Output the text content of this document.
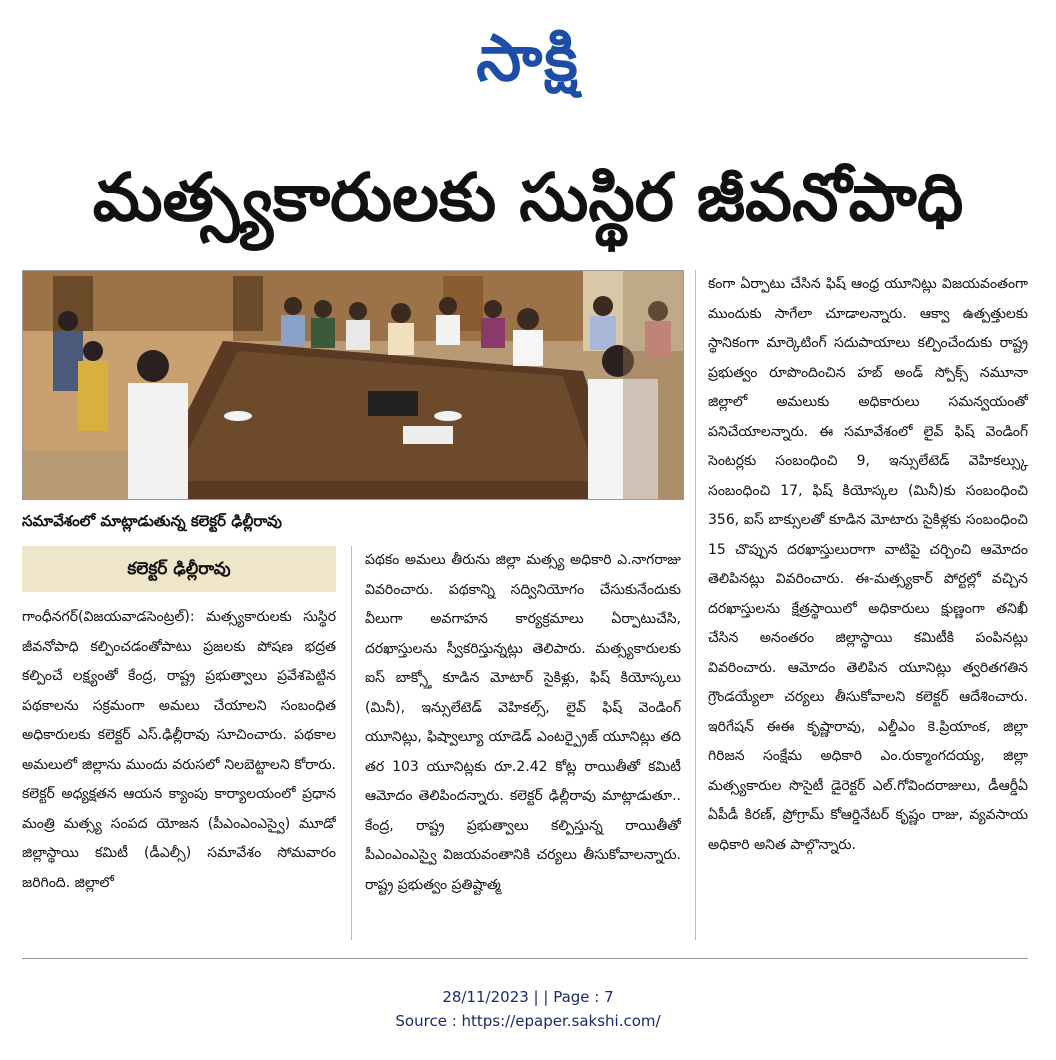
సాక్షి
మత్స్యకారులకు సుస్థిర జీవనోపాధి
సమావేశంలో మాట్లాడుతున్న కలెక్టర్ ఢిల్లీరావు
కలెక్టర్ ఢిల్లీరావు

గాంధీనగర్(విజయవాడసెంట్రల్): మత్స్యకారులకు సుస్థిర జీవనోపాధి కల్పించడంతోపాటు ప్రజలకు పోషణ భద్రత కల్పించే లక్ష్యంతో కేంద్ర, రాష్ట్ర ప్రభుత్వాలు ప్రవేశపెట్టిన పథకాలను సక్రమంగా అమలు చేయాలని సంబంధిత అధికారులకు కలెక్టర్ ఎస్.ఢిల్లీరావు సూచించారు. పథకాల అమలులో జిల్లాను ముందు వరుసలో నిలబెట్టాలని కోరారు. కలెక్టర్ అధ్యక్షతన ఆయన క్యాంపు కార్యాలయంలో ప్రధాన మంత్రి మత్స్య సంపద యోజన (పీఎంఎంఎస్వై) మూడో జిల్లాస్థాయి కమిటీ (డీఎల్సీ) సమావేశం సోమవారం జరిగింది. జిల్లాలో

పథకం అమలు తీరును జిల్లా మత్స్య అధికారి ఎ.నాగరాజు వివరించారు. పథకాన్ని సద్వినియోగం చేసుకునేందుకు వీలుగా అవగాహన కార్యక్రమాలు ఏర్పాటుచేసి, దరఖాస్తులను స్వీకరిస్తున్నట్లు తెలిపారు. మత్స్యకారులకు ఐస్ బాక్స్తో కూడిన మోటార్ సైకిళ్లు, ఫిష్ కియోస్కలు (మినీ), ఇన్సులేటెడ్ వెహికల్స్, లైవ్ ఫిష్ వెండింగ్ యూనిట్లు, ఫిష్వాల్యూ యాడెడ్ ఎంటర్ప్రైజ్ యూనిట్లు తది తర 103 యూనిట్లకు రూ.2.42 కోట్ల రాయితీతో కమిటీ ఆమోదం తెలిపిందన్నారు. కలెక్టర్ ఢిల్లీరావు మాట్లాడుతూ.. కేంద్ర, రాష్ట్ర ప్రభుత్వాలు కల్పిస్తున్న రాయితీతో పీఎంఎంఎస్వై విజయవంతానికి చర్యలు తీసుకోవాలన్నారు. రాష్ట్ర ప్రభుత్వం ప్రతిష్టాత్మ

కంగా ఏర్పాటు చేసిన ఫిష్ ఆంధ్ర యూనిట్లు విజయవంతంగా ముందుకు సాగేలా చూడాలన్నారు. ఆక్వా ఉత్పత్తులకు స్థానికంగా మార్కెటింగ్ సదుపాయాలు కల్పించేందుకు రాష్ట్ర ప్రభుత్వం రూపొందించిన హబ్ అండ్ స్పోక్స్ నమూనా జిల్లాలో అమలుకు అధికారులు సమన్వయంతో పనిచేయాలన్నారు. ఈ సమావేశంలో లైవ్ ఫిష్ వెండింగ్ సెంటర్లకు సంబంధించి 9, ఇన్సులేటెడ్ వెహికల్స్కు సంబంధించి 17, ఫిష్ కియోస్కల (మినీ)కు సంబంధించి 356, ఐస్ బాక్సులతో కూడిన మోటారు సైకిళ్లకు సంబంధించి 15 చొప్పున దరఖాస్తులురాగా వాటిపై చర్చించి ఆమోదం తెలిపినట్లు వివరించారు. ఈ-మత్స్యకార్ పోర్టల్లో వచ్చిన దరఖాస్తులను క్షేత్రస్థాయిలో అధికారులు క్షుణ్ణంగా తనిఖీ చేసిన అనంతరం జిల్లాస్థాయి కమిటీకి పంపినట్లు వివరించారు. ఆమోదం తెలిపిన యూనిట్లు త్వరితగతిన గ్రౌండయ్యేలా చర్యలు తీసుకోవాలని కలెక్టర్ ఆదేశించారు. ఇరిగేషన్ ఈఈ కృష్ణారావు, ఎల్డీఎం కె.ప్రియాంక, జిల్లా గిరిజన సంక్షేమ అధికారి ఎం.రుక్మాంగదయ్య, జిల్లా మత్స్యకారుల సొసైటీ డైరెక్టర్ ఎల్.గోవిందరాజులు, డీఆర్డీఏ ఏపీడీ కిరణ్, ప్రోగ్రామ్ కోఆర్డినేటర్ కృష్ణం రాజు, వ్యవసాయ అధికారి అనిత పాల్గొన్నారు.

28/11/2023 | | Page : 7
Source : https://epaper.sakshi.com/
